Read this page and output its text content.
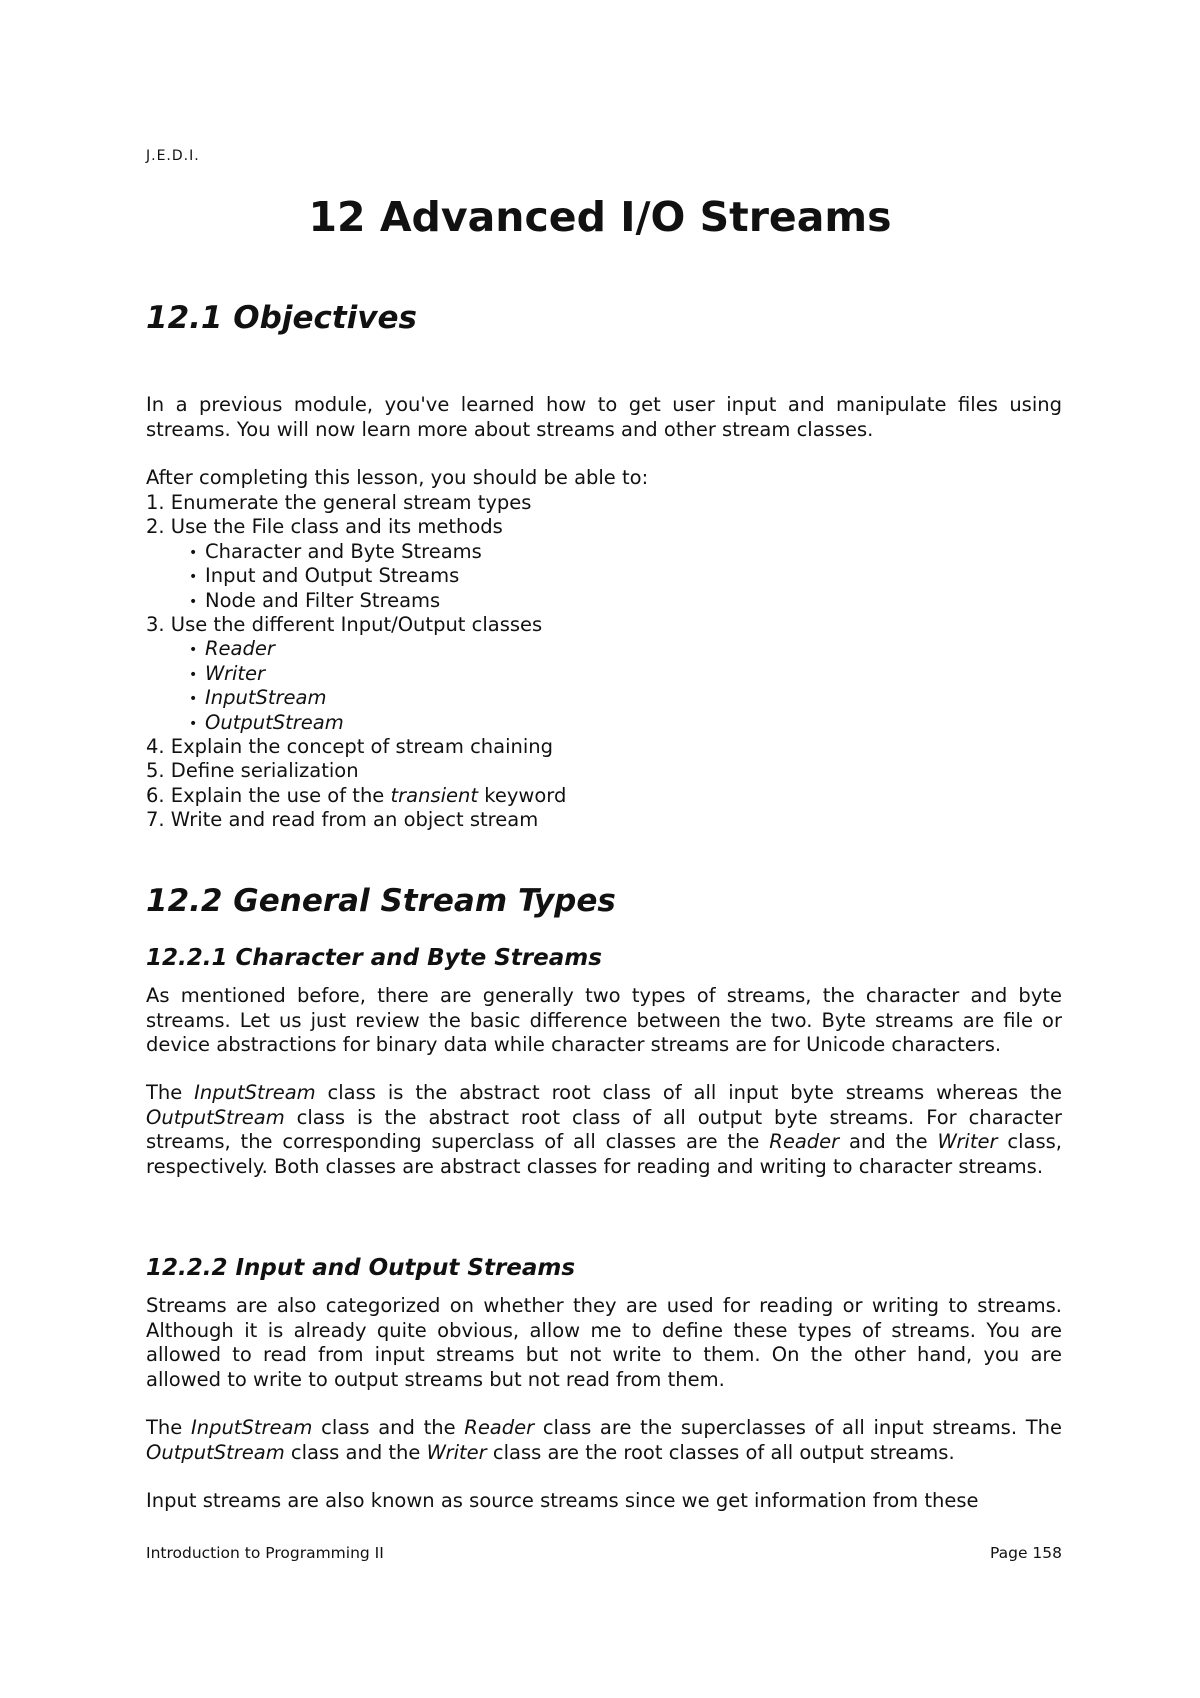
J.E.D.I.
12 Advanced I/O Streams
12.1 Objectives

In a previous module, you've learned how to get user input and manipulate files using streams. You will now learn more about streams and other stream classes.

After completing this lesson, you should be able to:

1. Enumerate the general stream types
2. Use the File class and its methods
• Character and Byte Streams
• Input and Output Streams
• Node and Filter Streams
3. Use the different Input/Output classes
• Reader
• Writer
• InputStream
• OutputStream
4. Explain the concept of stream chaining
5. Define serialization
6. Explain the use of the transient keyword
7. Write and read from an object stream
12.2 General Stream Types
12.2.1 Character and Byte Streams

As mentioned before, there are generally two types of streams, the character and byte streams. Let us just review the basic difference between the two. Byte streams are file or device abstractions for binary data while character streams are for Unicode characters.

The InputStream class is the abstract root class of all input byte streams whereas the OutputStream class is the abstract root class of all output byte streams. For character streams, the corresponding superclass of all classes are the Reader and the Writer class, respectively. Both classes are abstract classes for reading and writing to character streams.

12.2.2 Input and Output Streams

Streams are also categorized on whether they are used for reading or writing to streams. Although it is already quite obvious, allow me to define these types of streams. You are allowed to read from input streams but not write to them. On the other hand, you are allowed to write to output streams but not read from them.

The InputStream class and the Reader class are the superclasses of all input streams. The OutputStream class and the Writer class are the root classes of all output streams.

Input streams are also known as source streams since we get information from these

Introduction to Programming II	Page 158
